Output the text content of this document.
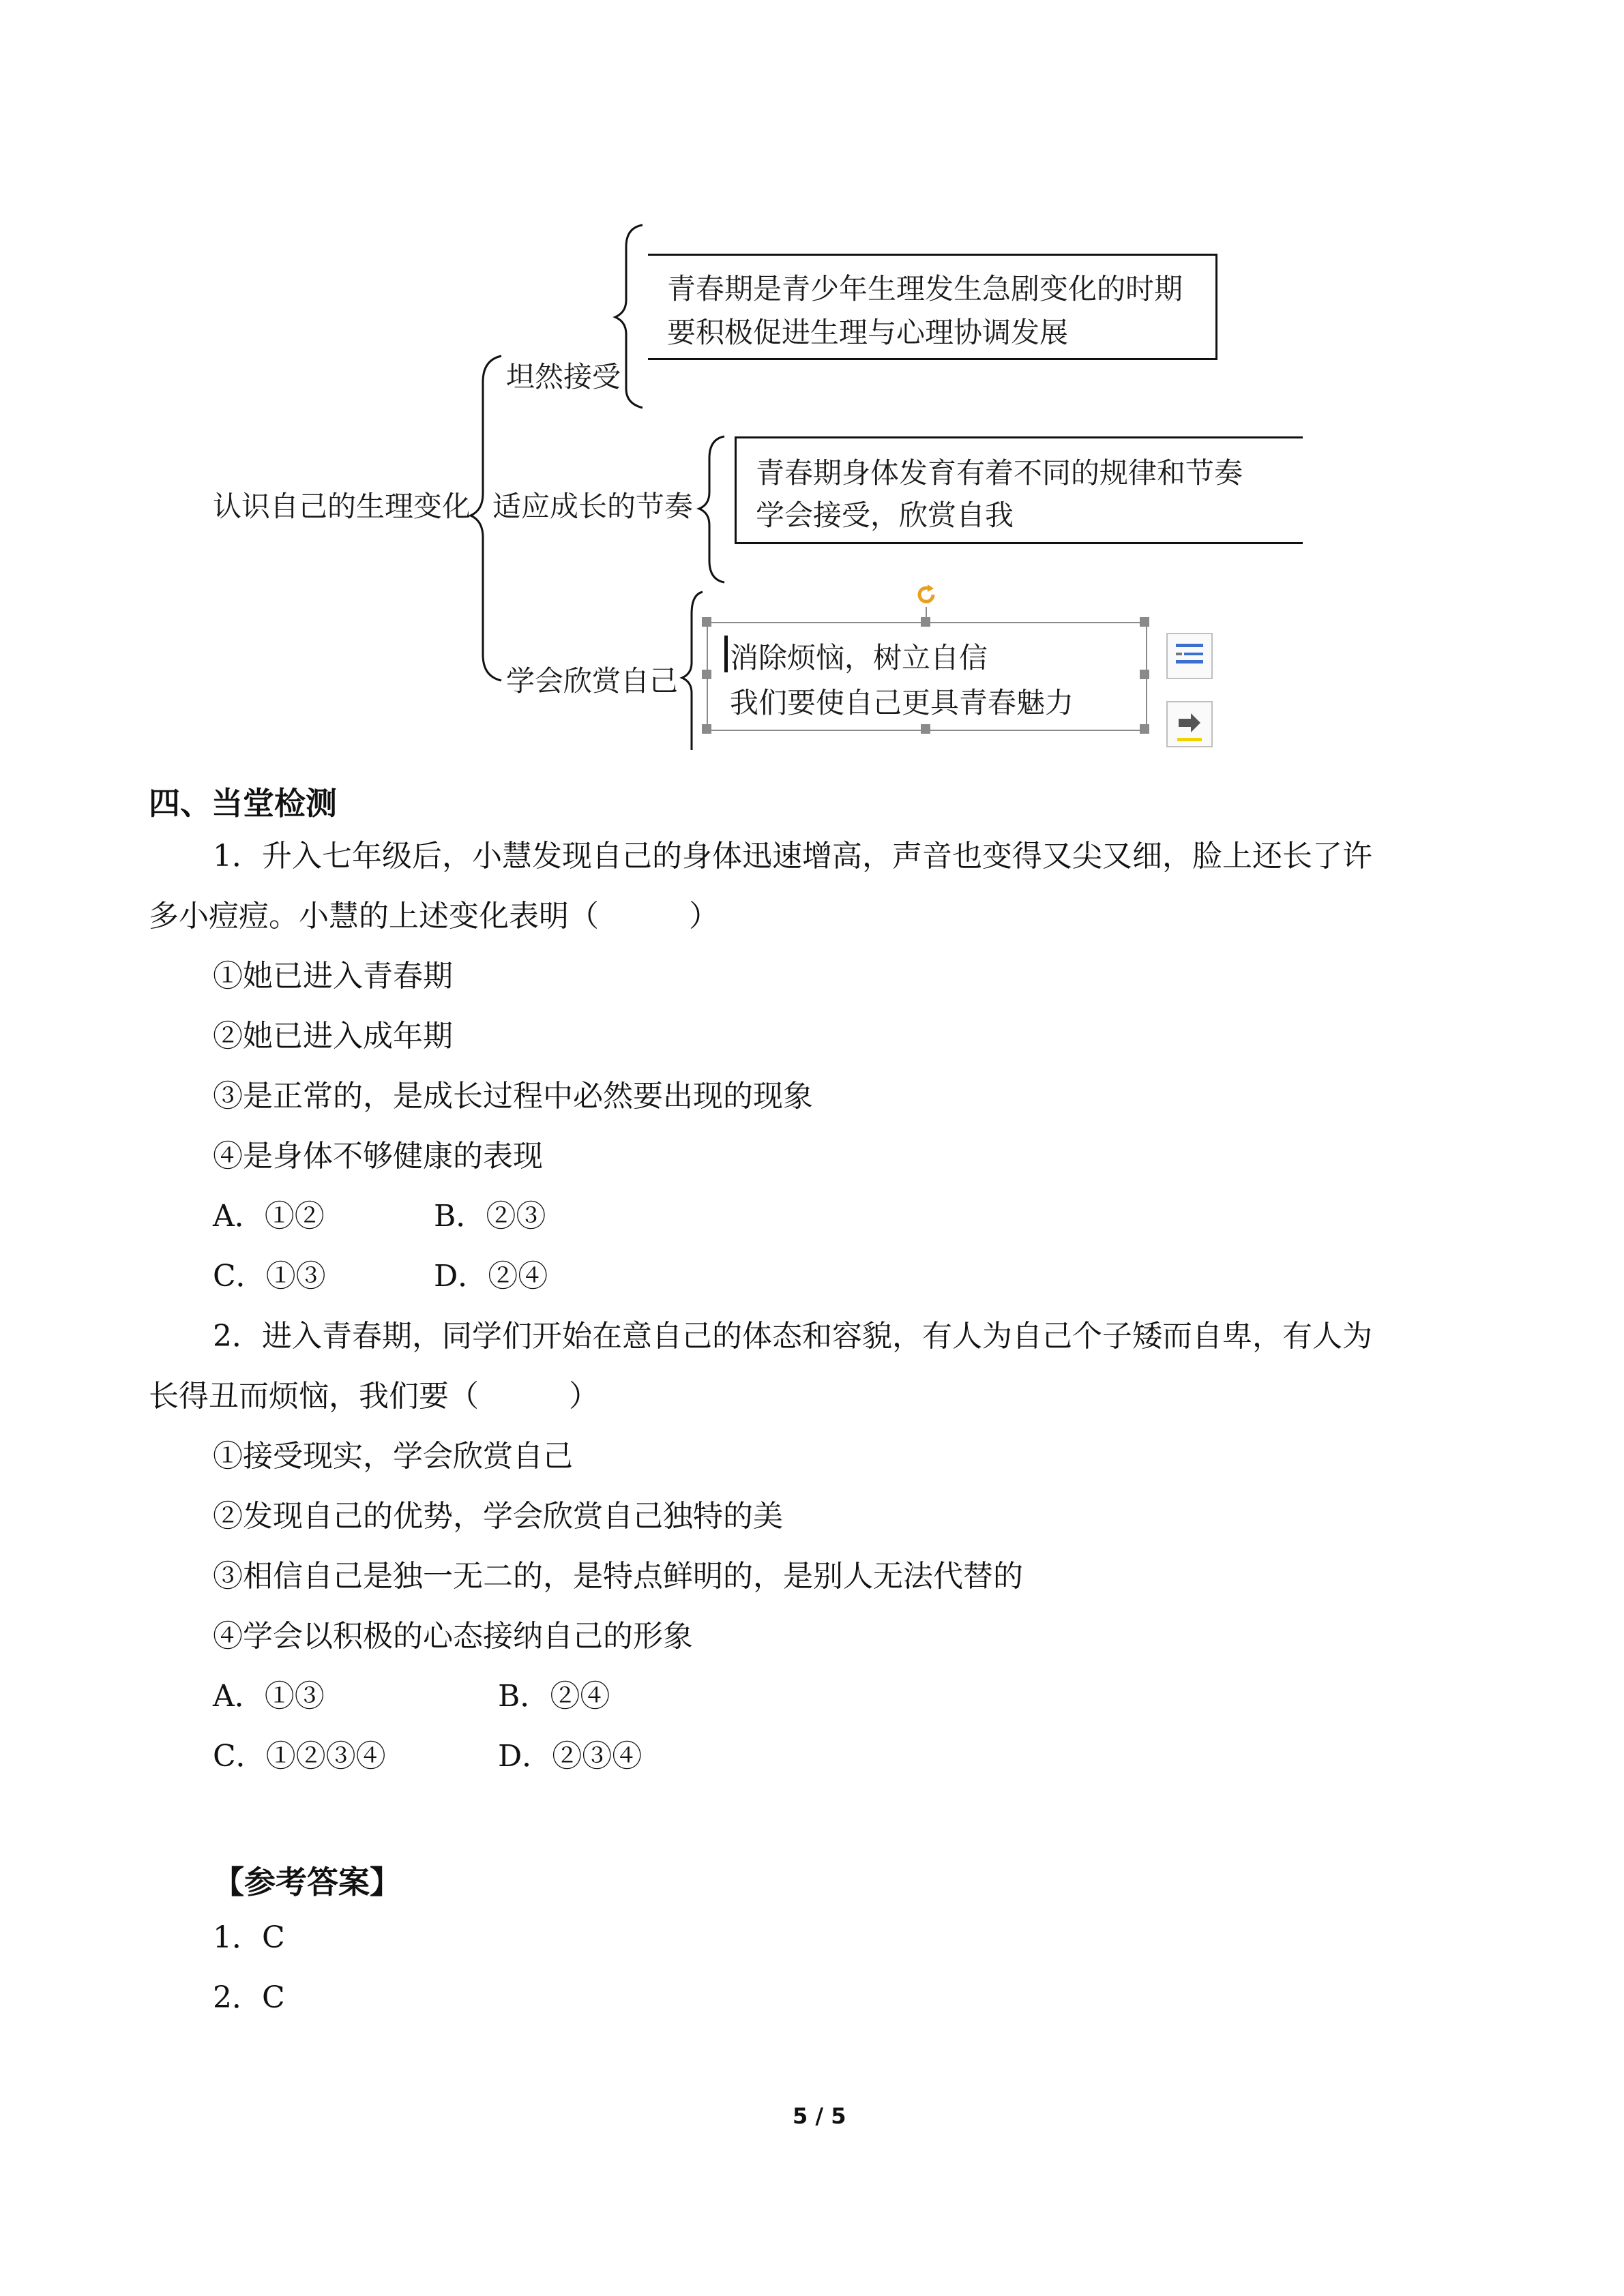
认识自己的生理变化
坦然接受
青春期是青少年生理发生急剧变化的时期
要积极促进生理与心理协调发展
适应成长的节奏
青春期身体发育有着不同的规律和节奏
学会接受，欣赏自我
学会欣赏自己
消除烦恼，树立自信
我们要使自己更具青春魅力
四、当堂检测
1．升入七年级后，小慧发现自己的身体迅速增高，声音也变得又尖又细，脸上还长了许
多小痘痘。小慧的上述变化表明（　　　）
①她已进入青春期
②她已进入成年期
③是正常的，是成长过程中必然要出现的现象
④是身体不够健康的表现
A．①②	B．②③
C．①③	D．②④
2．进入青春期，同学们开始在意自己的体态和容貌，有人为自己个子矮而自卑，有人为
长得丑而烦恼，我们要（　　　）
①接受现实，学会欣赏自己
②发现自己的优势，学会欣赏自己独特的美
③相信自己是独一无二的，是特点鲜明的，是别人无法代替的
④学会以积极的心态接纳自己的形象
A．①③	B．②④
C．①②③④	D．②③④
【参考答案】
1．C
2．C
5 / 5
